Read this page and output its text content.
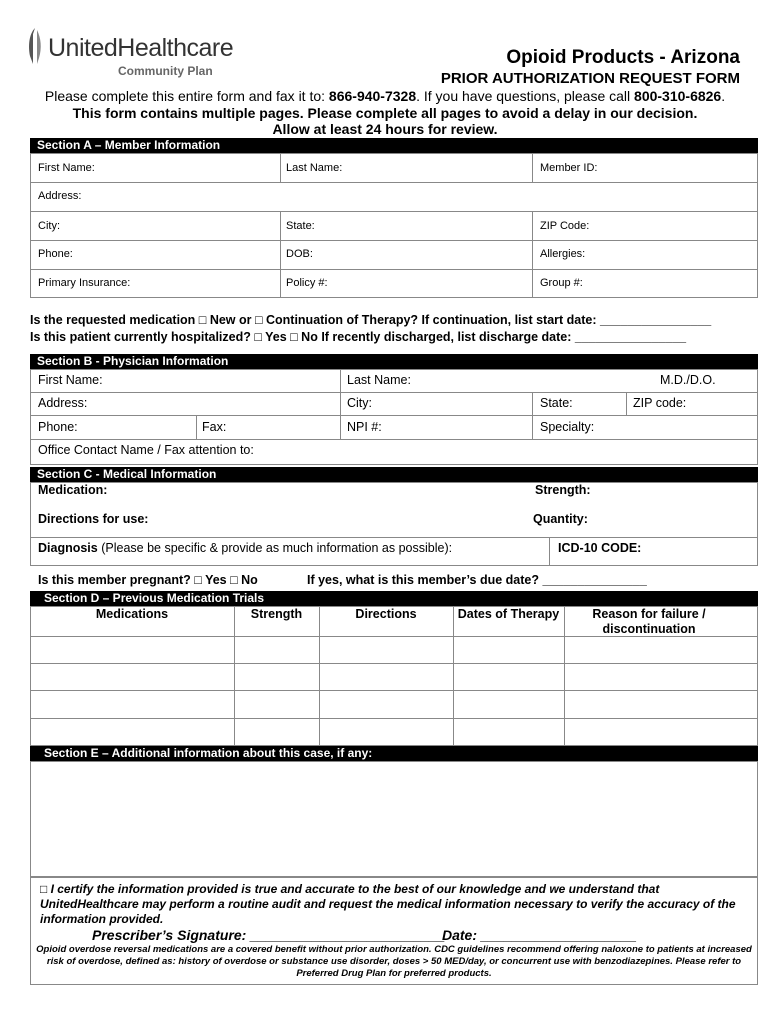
UnitedHealthcare
Community Plan
Opioid Products - Arizona
PRIOR AUTHORIZATION REQUEST FORM
Please complete this entire form and fax it to: 866-940-7328. If you have questions, please call 800-310-6826.
This form contains multiple pages. Please complete all pages to avoid a delay in our decision.
Allow at least 24 hours for review.
Section A – Member Information
First Name:	Last Name:	Member ID:
Address:
City:	State:	ZIP Code:
Phone:	DOB:	Allergies:
Primary Insurance:	Policy #:	Group #:
Is the requested medication □ New or □ Continuation of Therapy? If continuation, list start date: ________________
Is this patient currently hospitalized? □ Yes □ No If recently discharged, list discharge date: ________________
Section B - Physician Information
First Name:	Last Name:	M.D./D.O.
Address:	City:	State:	ZIP code:
Phone:	Fax:	NPI #:	Specialty:
Office Contact Name / Fax attention to:
Section C - Medical Information
Medication:	Strength:
Directions for use:	Quantity:
Diagnosis (Please be specific & provide as much information as possible):	ICD-10 CODE:
Is this member pregnant? □ Yes □ No	If yes, what is this member’s due date? _______________
Section D – Previous Medication Trials
Medications	Strength	Directions	Dates of Therapy	Reason for failure / discontinuation
Section E – Additional information about this case, if any:
□ I certify the information provided is true and accurate to the best of our knowledge and we understand that UnitedHealthcare may perform a routine audit and request the medical information necessary to verify the accuracy of the information provided.
Prescriber’s Signature: _________________________
Date: ____________________
Opioid overdose reversal medications are a covered benefit without prior authorization. CDC guidelines recommend offering naloxone to patients at increased risk of overdose, defined as: history of overdose or substance use disorder, doses > 50 MED/day, or concurrent use with benzodiazepines. Please refer to Preferred Drug Plan for preferred products.
